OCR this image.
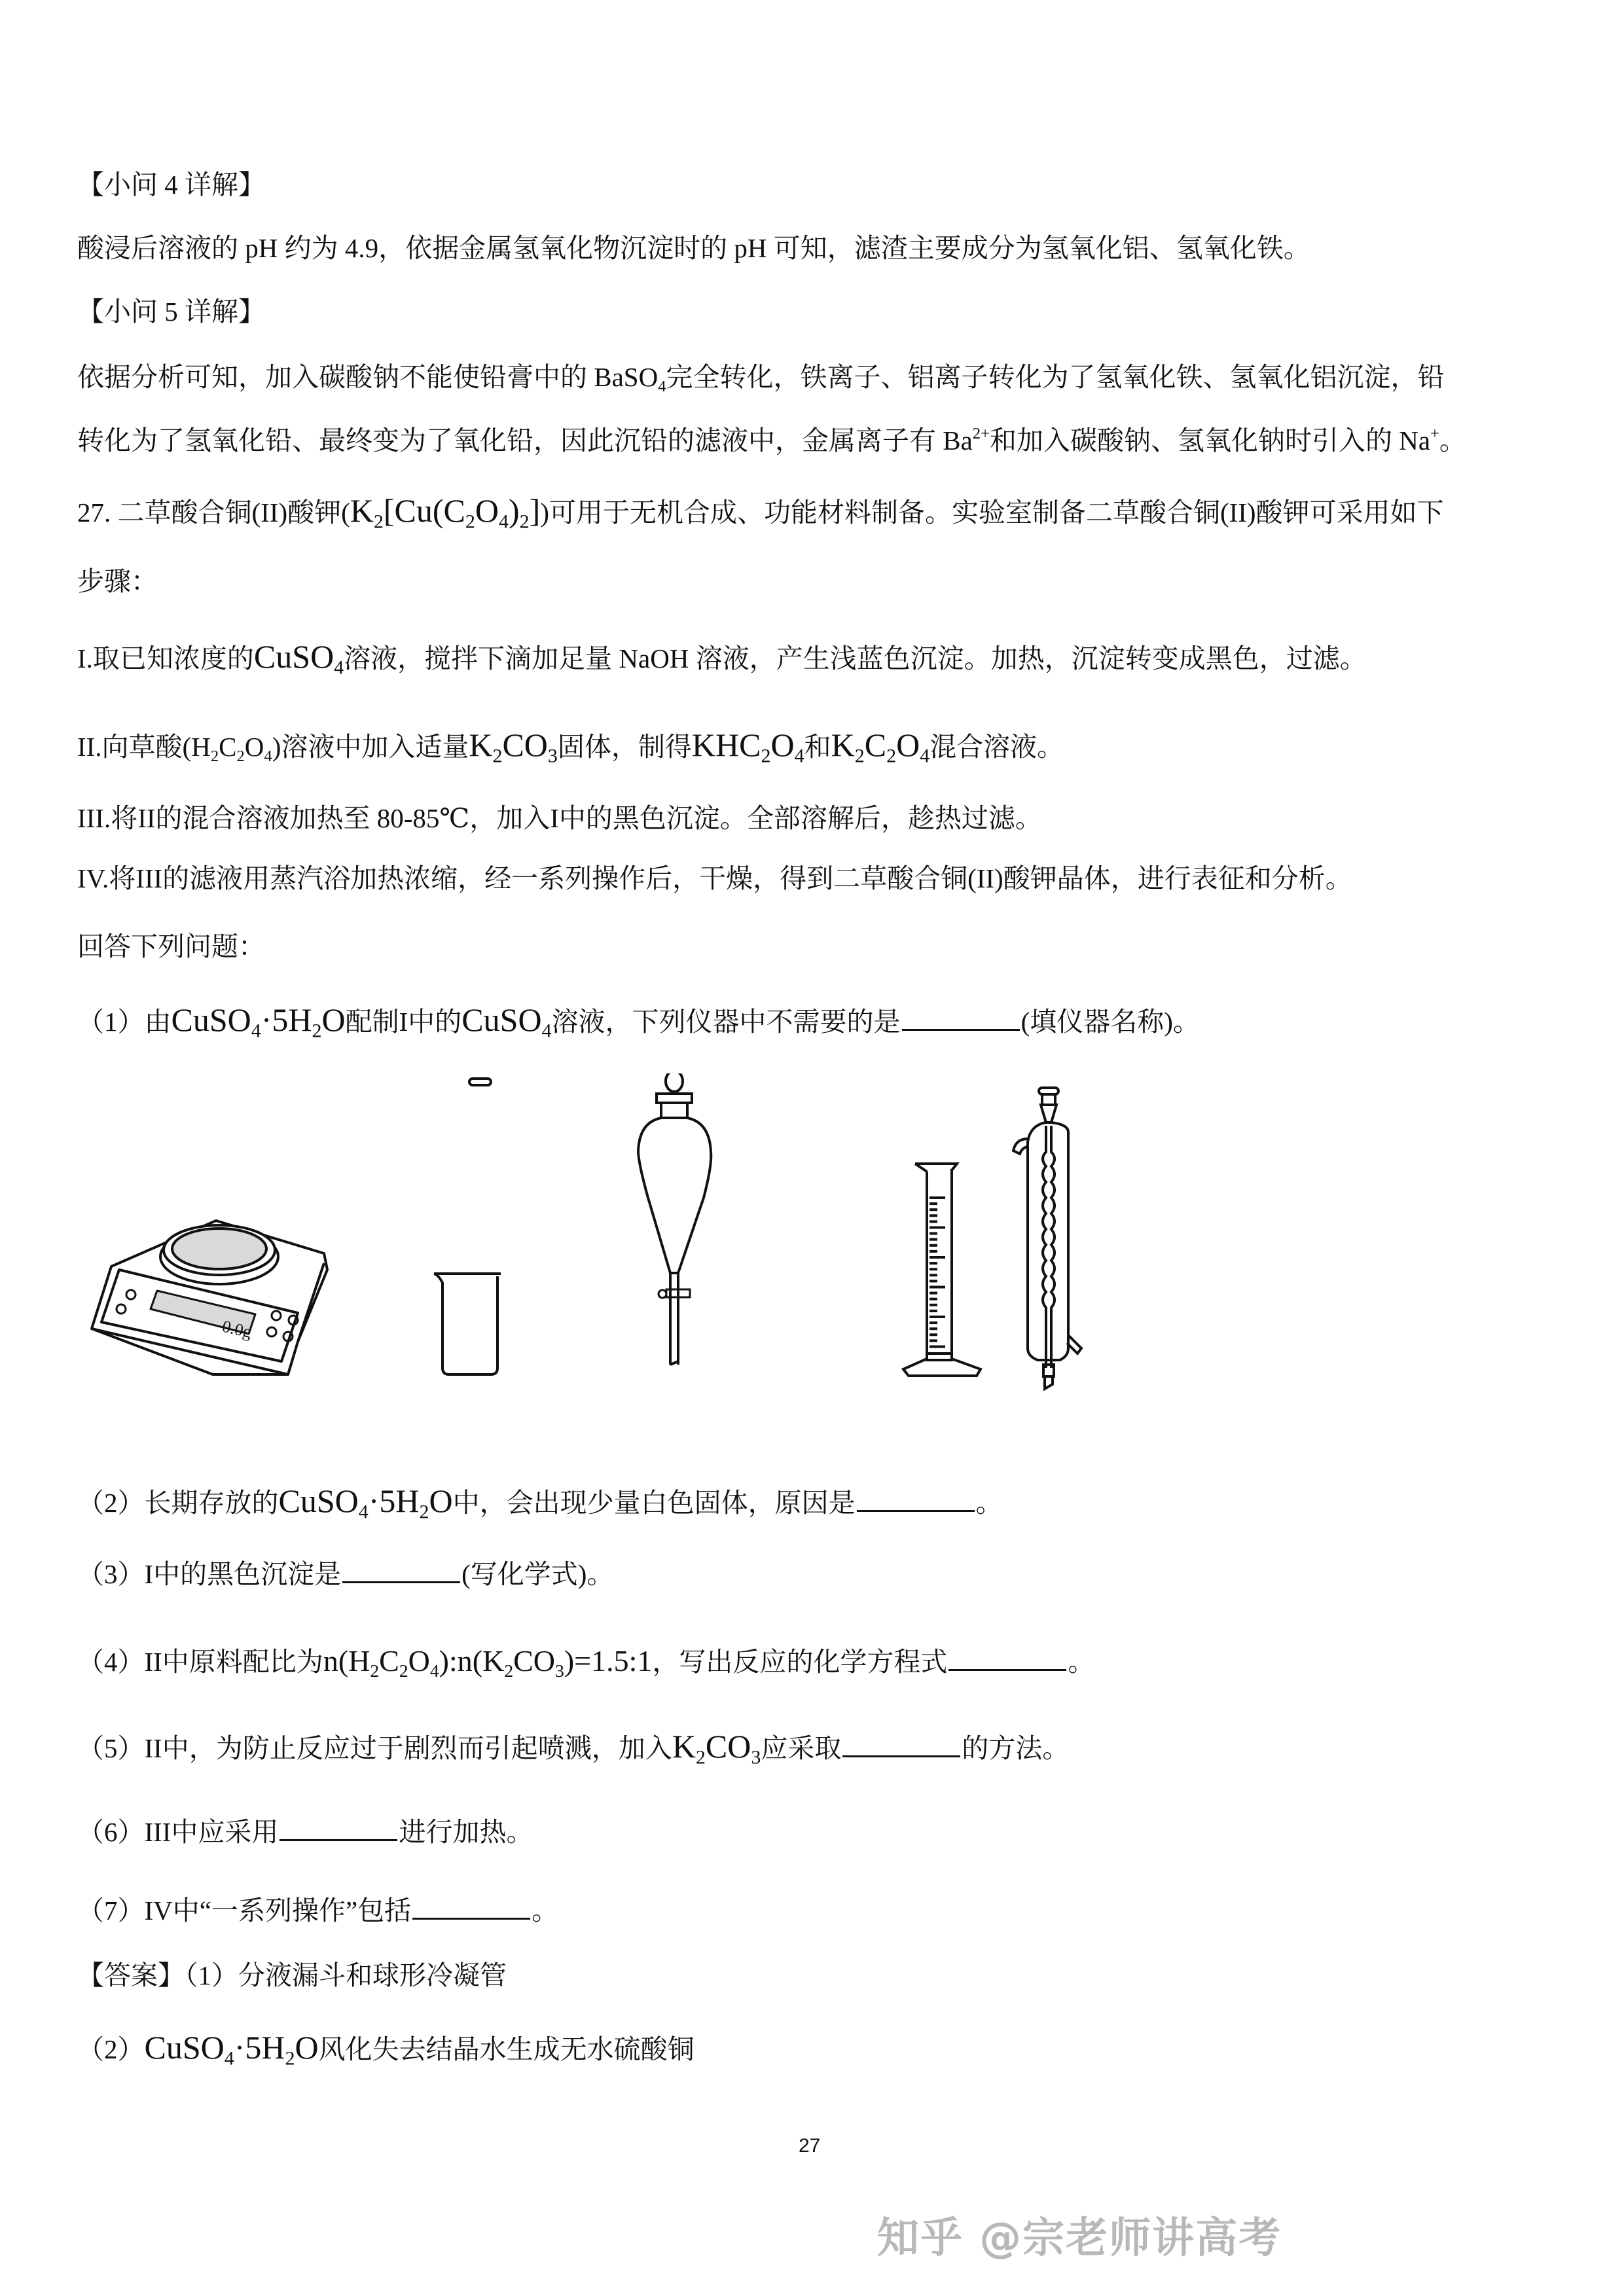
【小问 4 详解】
酸浸后溶液的 pH 约为 4.9，依据金属氢氧化物沉淀时的 pH 可知，滤渣主要成分为氢氧化铝、氢氧化铁。
【小问 5 详解】
依据分析可知，加入碳酸钠不能使铅膏中的 BaSO$_4$完全转化，铁离子、铝离子转化为了氢氧化铁、氢氧化铝沉淀，铅
转化为了氢氧化铅、最终变为了氧化铅，因此沉铅的滤液中，金属离子有 $Ba^{2+}$和加入碳酸钠、氢氧化钠时引入的 Na+。
27. 二草酸合铜(II)酸钾$(K_2[Cu(C_2O_4)_2])$可用于无机合成、功能材料制备。实验室制备二草酸合铜(II)酸钾可采用如下
步骤：
I.取已知浓度的CuSO$_4$溶液，搅拌下滴加足量 NaOH 溶液，产生浅蓝色沉淀。加热，沉淀转变成黑色，过滤。
II.向草酸$(H_2C_2O_4)$溶液中加入适量$K_2CO_3$固体，制得$KHC_2O_4$和$K_2C_2O_4$混合溶液。
III.将II的混合溶液加热至 80-85℃，加入I中的黑色沉淀。全部溶解后，趁热过滤。
IV.将III的滤液用蒸汽浴加热浓缩，经一系列操作后，干燥，得到二草酸合铜(II)酸钾晶体，进行表征和分析。
回答下列问题：
（1）由$CuSO_4\cdot 5H_2O$配制I中的CuSO$_4$溶液，下列仪器中不需要的是	(填仪器名称)。
0.0g
（2）长期存放的$CuSO_4\cdot 5H_2O$中，会出现少量白色固体，原因是	。
（3）I中的黑色沉淀是	(写化学式)。
（4）II中原料配比为$n(H_2C_2O_4):n(K_2CO_3)=1.5:1$，写出反应的化学方程式	。
（5）II中，为防止反应过于剧烈而引起喷溅，加入$K_2CO_3$应采取	的方法。
（6）III中应采用	进行加热。
（7）IV中“一系列操作”包括	。
【答案】（1）分液漏斗和球形冷凝管
$(2)CuSO_4\cdot 5H_2O$风化失去结晶水生成无水硫酸铜
27
知乎 @宗老师讲高考
